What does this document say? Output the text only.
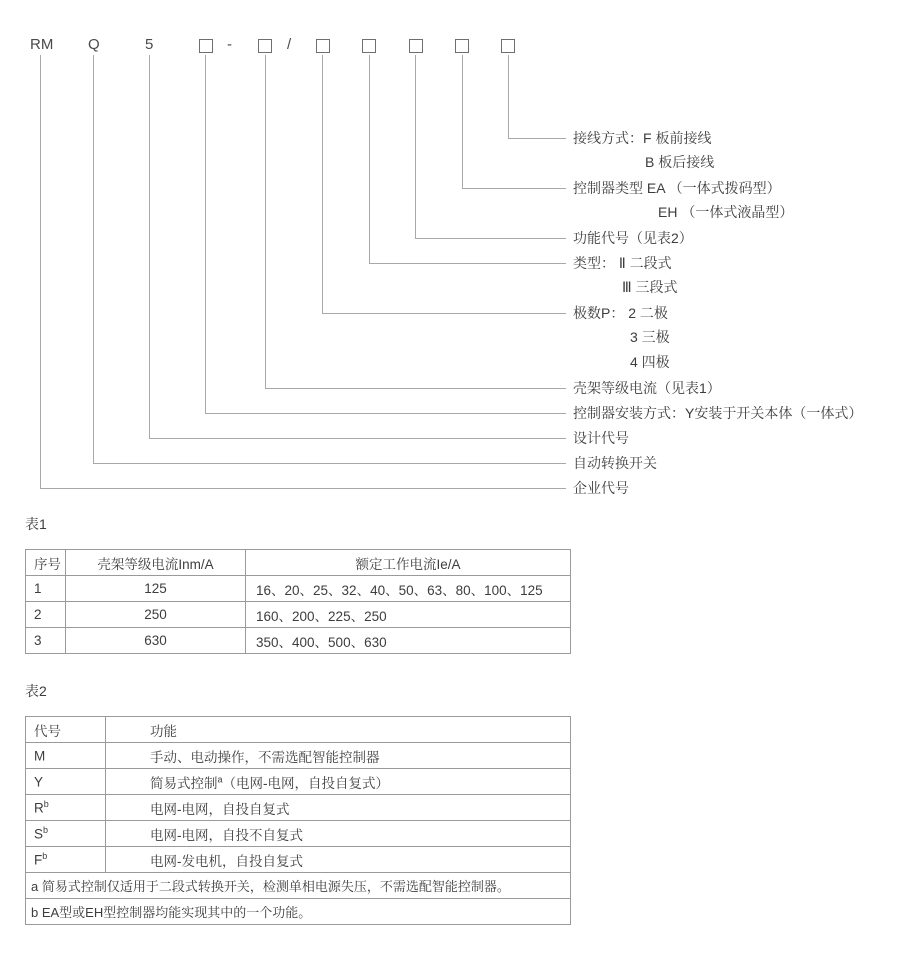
RM Q	5	-	/
接线方式：F 板前接线
B 板后接线
控制器类型 EA （一体式拨码型）
EH （一体式液晶型）
功能代号（见表2）
类型： Ⅱ 二段式
Ⅲ 三段式
极数P： 2 二极
3 三极
4 四极
壳架等级电流（见表1）
控制器安装方式：Y安装于开关本体（一体式）
设计代号
自动转换开关
企业代号
表1
序号	壳架等级电流Inm/A	额定工作电流Ie/A
1	125	16、20、25、32、40、50、63、80、100、125
2	250	160、200、225、250
3	630	350、400、500、630
表2
代号	功能
M	手动、电动操作，不需选配智能控制器
Y	简易式控制$^a$（电网-电网，自投自复式）
$R^b$	电网-电网，自投自复式
$S^b$	电网-电网，自投不自复式
$F^b$	电网-发电机，自投自复式
a 简易式控制仅适用于二段式转换开关，检测单相电源失压，不需选配智能控制器。	
b EA型或EH型控制器均能实现其中的一个功能。	
